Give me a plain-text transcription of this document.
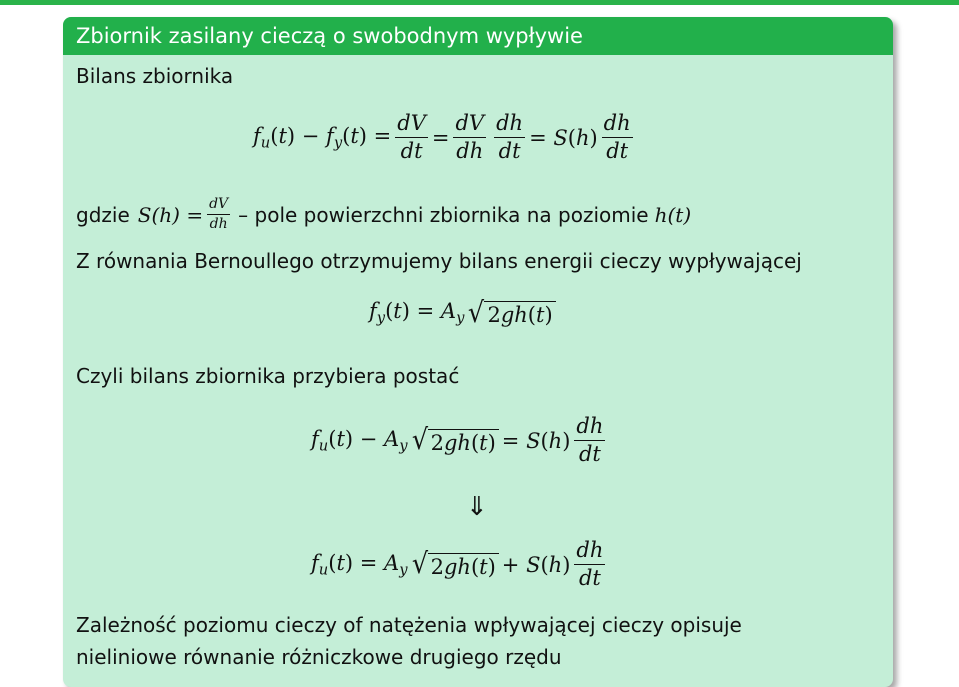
Zbiornik zasilany cieczą o swobodnym wypływie
Bilans zbiornika
$f_u(t) - f_y(t) = \frac{dV}{dt} = \frac{dV}{dh} \frac{dh}{dt} = S(h) \frac{dh}{dt}$
gdzie $S(h) = \frac{dV}{dh}$ – pole powierzchni zbiornika na poziomie h(t)
Z równania Bernoullego otrzymujemy bilans energii cieczy wypływającej
$f_y(t) = A_y$ √ 2gh(t)
Czyli bilans zbiornika przybiera postać
$f_u(t) - A_y$ √ $2gh(t) = S(h) \frac{dh}{dt}$
⇓
$f_u(t) = A_y$ √ $2gh(t) + S(h) \frac{dh}{dt}$
Zależność poziomu cieczy of natężenia wpływającej cieczy opisuje
nieliniowe równanie różniczkowe drugiego rzędu
